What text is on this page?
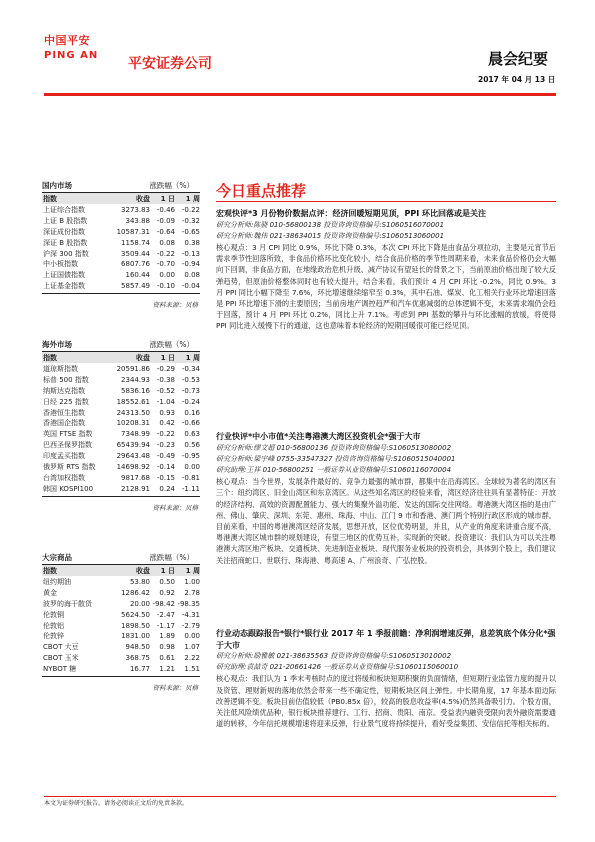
中国平安
PING AN
平安证券公司	晨会纪要
2017 年 04 月 13 日
国内市场	涨跌幅（%）
指数	收盘 1 日 1 周
上证综合指数	3273.83 -0.46 -0.22
上证 B 股指数	343.88 -0.09 -0.32
深证成份指数	10587.31 -0.64 -0.65
深证 B 股指数	1158.74 0.08 0.38
沪深 300 指数	3509.44 -0.22 -0.13
中小板指数	6807.76 -0.70 -0.94
上证国债指数	160.44 0.00 0.08
上证基金指数	5857.49 -0.10 -0.04
资料来源：贝格
海外市场	涨跌幅（%）
指数	收盘 1 日 1 周
道琼斯指数	20591.86 -0.29 -0.34
标普 500 指数	2344.93 -0.38 -0.53
纳斯达克指数	5836.16 -0.52 -0.73
日经 225 指数	18552.61 -1.04 -0.24
香港恒生指数	24313.50 0.93 0.16
香港国企指数	10208.31 0.42 -0.66
英国 FTSE 指数	7348.99 -0.22 0.63
巴西圣保罗指数	65439.94 -0.23 0.56
印度孟买指数	29643.48 -0.49 -0.95
俄罗斯 RTS 指数	14698.92 -0.14 0.00
台湾加权指数	9817.68 -0.15 -0.81
韩国 KOSPI100	2128.91 0.24 -1.11
资料来源：贝格
大宗商品	涨跌幅（%）
指数	收盘 1 日 1 周
纽约期油	53.80 0.50 1.00
黄金	1286.42 0.92 2.78
波罗的海干散货	20.00 -98.42 -98.35
伦敦铜	5624.50 -2.47 -4.31
伦敦铝	1898.50 -1.17 -2.79
伦敦锌	1831.00 1.89 0.00
CBOT 大豆	948.50 0.98 1.07
CBOT 玉米	368.75 0.61 2.22
NYBOT 糖	16.77 1.21 1.51
资料来源：贝格
今日重点推荐
宏观快评*3 月份物价数据点评：经济回暖短期见顶，PPI 环比回落或是关注
研究分析师:陈骁 010-56800138 投资咨询资格编号:S1060516070001
研究分析师:魏伟 021-38634015 投资咨询资格编号:S1060513060001
核心观点：3 月 CPI 同比 0.9%，环比下降 0.3%，本次 CPI 环比下降是由食品分项拉动，主要是元宵节后需求季节性回落所致，非食品价格环比变化较小，结合食品价格的季节性周期来看，未来食品价格仍会大幅向下回调，非食品方面，在地缘政治危机升级、减产协议有望延长的背景之下，当前原油价格出现了较大反弹趋势，但原油价格整体同时也有较大提升，结合来看，我们预计 4 月 CPI 环比 -0.2%，同比 0.9%。3 月 PPI 同比小幅下降至 7.6%，环比增速继续缩窄至 0.3%，其中石油、煤炭、化工相关行业环比增速回落是 PPI 环比增速下滑的主要原因；当前房地产调控趋严和汽车优惠减弱的总体逻辑不变，未来需求端仍会趋于回落，预计 4 月 PPI 环比 0.2%，同比上升 7.1%。考虑到 PPI 基数的攀升与环比涨幅的放缓，将使得 PPI 同比进入缓慢下行的通道，这也意味着本轮经济的短期回暖很可能已经见顶。
行业快评*中小市值*关注粤港澳大湾区投资机会*强于大市
研究分析师:缪文超 010-56800136 投资咨询资格编号:S1060513080002
研究分析师:梁宇峰 0755-33547327 投资咨询资格编号:S1060515040001
研究助理:王祥 010-56800251 一般证券从业资格编号:S1060116070004
核心观点：当今世界，发展条件最好的、竞争力最强的城市群，都集中在沿海湾区。全球较为著名的湾区有三个：纽约湾区、旧金山湾区和东京湾区。从这些知名湾区的经验来看，湾区经济往往具有显著特征：开放的经济结构、高效的资源配置能力、强大的集聚外溢功能、发达的国际交往网络。粤港澳大湾区指的是由广州、佛山、肇庆、深圳、东莞、惠州、珠海、中山、江门 9 市和香港、澳门两个特别行政区形成的城市群。目前来看，中国的粤港澳湾区经济发展，思想开放，区位优势明显，并且，从产业的角度来讲重合度不高，粤港澳大湾区城市群的规划建设，有望三地区的优势互补，实现新的突破。投资建议：我们认为可以关注粤港澳大湾区地产板块、交通板块、先进制造业板块、现代服务业板块的投资机会，具体到个股上，我们建议关注招商蛇口、世联行、珠海港、粤高速 A、广州浪奇、广弘控股。
行业动态跟踪报告*银行*银行业 2017 年 1 季报前瞻：净利润增速反弹，息差筑底个体分化*强于大市
研究分析师:励雅敏 021-38635563 投资咨询资格编号:S1060513010002
研究助理:袁喆奇 021-20661426 一般证券从业资格编号:S1060115060010
核心观点：我们认为 1 季末考核时点的度过将缓和板块短期积聚的负面情绪，但短期行业监管力度的提升以及资管、理财新规的落地依然会带来一些不确定性，短期板块区间上弹性。中长期角度，17 年基本面边际改善逻辑不变。板块目前估值较低（PB0.85x 倍），较高的股息收益率(4.5%)仍然具备吸引力。个股方面，关注低风险绩优品种，银行板块推荐建行、工行、招商、贵阳、南京。受益表内融资受限向表外融资需要通道的转移，今年信托规模增速将迎来反弹，行业景气度将持续提升，看好受益集团、安信信托等相关标的。
本文为证券研究报告，请务必阅读正文后的免责条款。
